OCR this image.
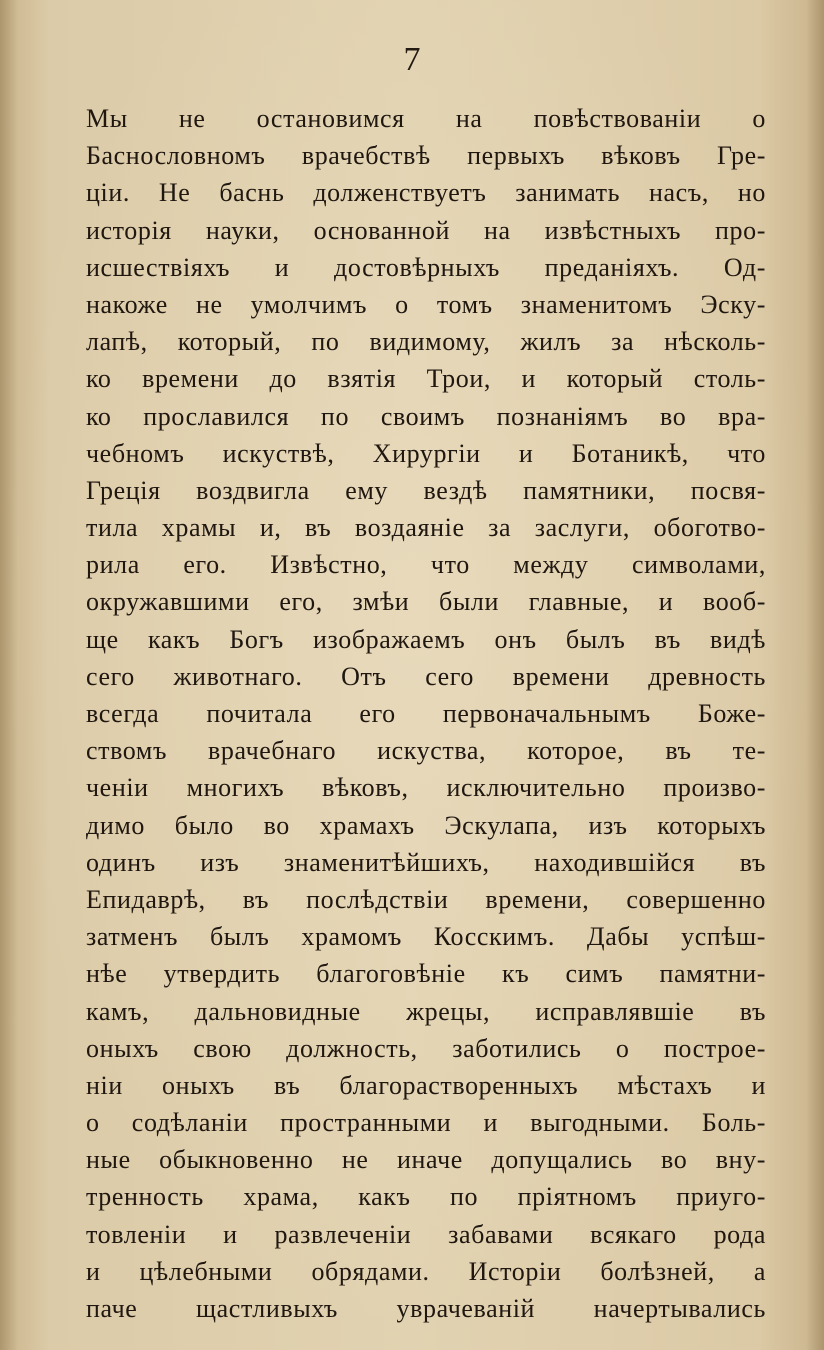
7
Мы не остановимся на повѣствованіи о
Баснословномъ врачебствѣ первыхъ вѣковъ Гре-
ціи. Не баснь долженствуетъ занимать насъ, но
исторія науки, основанной на извѣстныхъ про-
исшествіяхъ и достовѣрныхъ преданіяхъ. Од-
накоже не умолчимъ о томъ знаменитомъ Эску-
лапѣ, который, по видимому, жилъ за нѣсколь-
ко времени до взятія Трои, и который столь-
ко прославился по своимъ познаніямъ во вра-
чебномъ искуствѣ, Хирургіи и Ботаникѣ, что
Греція воздвигла ему вездѣ памятники, посвя-
тила храмы и, въ воздаяніе за заслуги, обоготво-
рила его. Извѣстно, что между символами,
окружавшими его, змѣи были главные, и вооб-
ще какъ Богъ изображаемъ онъ былъ въ видѣ
сего животнаго. Отъ сего времени древность
всегда почитала его первоначальнымъ Боже-
ствомъ врачебнаго искуства, которое, въ те-
ченіи многихъ вѣковъ, исключительно произво-
димо было во храмахъ Эскулапа, изъ которыхъ
одинъ изъ знаменитѣйшихъ, находившійся въ
Епидаврѣ, въ послѣдствіи времени, совершенно
затменъ былъ храмомъ Косскимъ. Дабы успѣш-
нѣе утвердить благоговѣніе къ симъ памятни-
камъ, дальновидные жрецы, исправлявшіе въ
оныхъ свою должность, заботились о построе-
ніи оныхъ въ благорастворенныхъ мѣстахъ и
о содѣланіи пространными и выгодными. Боль-
ные обыкновенно не иначе допущались во вну-
тренность храма, какъ по пріятномъ приуго-
товленіи и развлеченіи забавами всякаго рода
и цѣлебными обрядами. Исторіи болѣзней, а
паче щастливыхъ уврачеваній начертывались
